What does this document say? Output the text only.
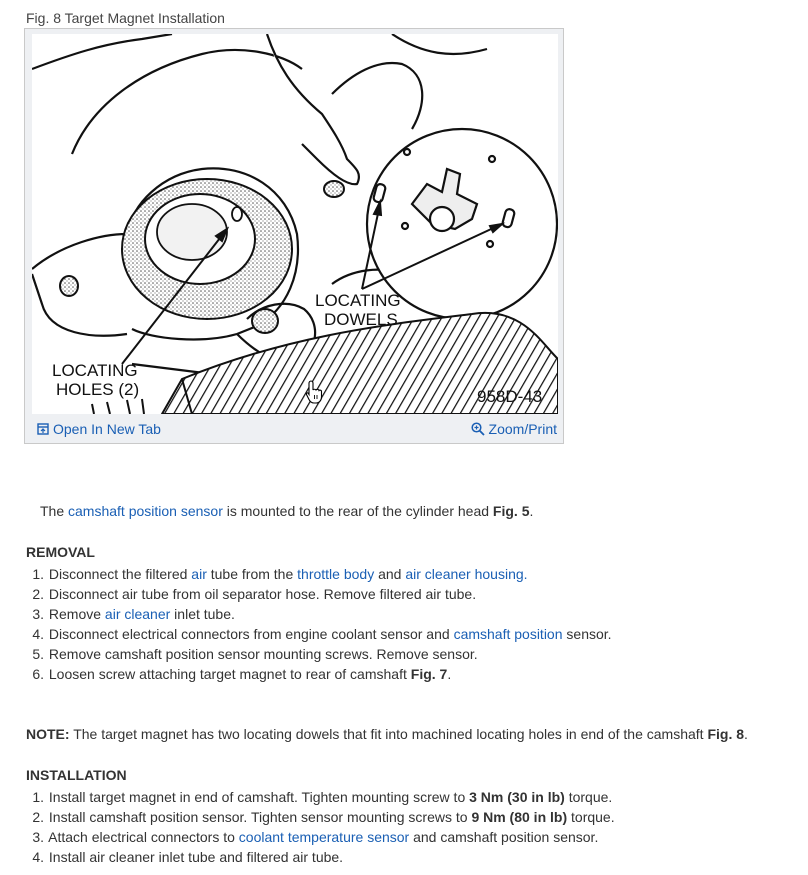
Fig. 8 Target Magnet Installation
LOCATING
DOWELS
LOCATING
HOLES (2)	958D-43
Open In New Tab	Zoom/Print
The camshaft position sensor is mounted to the rear of the cylinder head Fig. 5.
REMOVAL
1. Disconnect the filtered air tube from the throttle body and air cleaner housing.
2. Disconnect air tube from oil separator hose. Remove filtered air tube.
3. Remove air cleaner inlet tube.
4. Disconnect electrical connectors from engine coolant sensor and camshaft position sensor.
5. Remove camshaft position sensor mounting screws. Remove sensor.
6. Loosen screw attaching target magnet to rear of camshaft Fig. 7.
NOTE: The target magnet has two locating dowels that fit into machined locating holes in end of the camshaft Fig. 8.
INSTALLATION
1. Install target magnet in end of camshaft. Tighten mounting screw to 3 Nm (30 in lb) torque.
2. Install camshaft position sensor. Tighten sensor mounting screws to 9 Nm (80 in lb) torque.
3. Attach electrical connectors to coolant temperature sensor and camshaft position sensor.
4. Install air cleaner inlet tube and filtered air tube.
